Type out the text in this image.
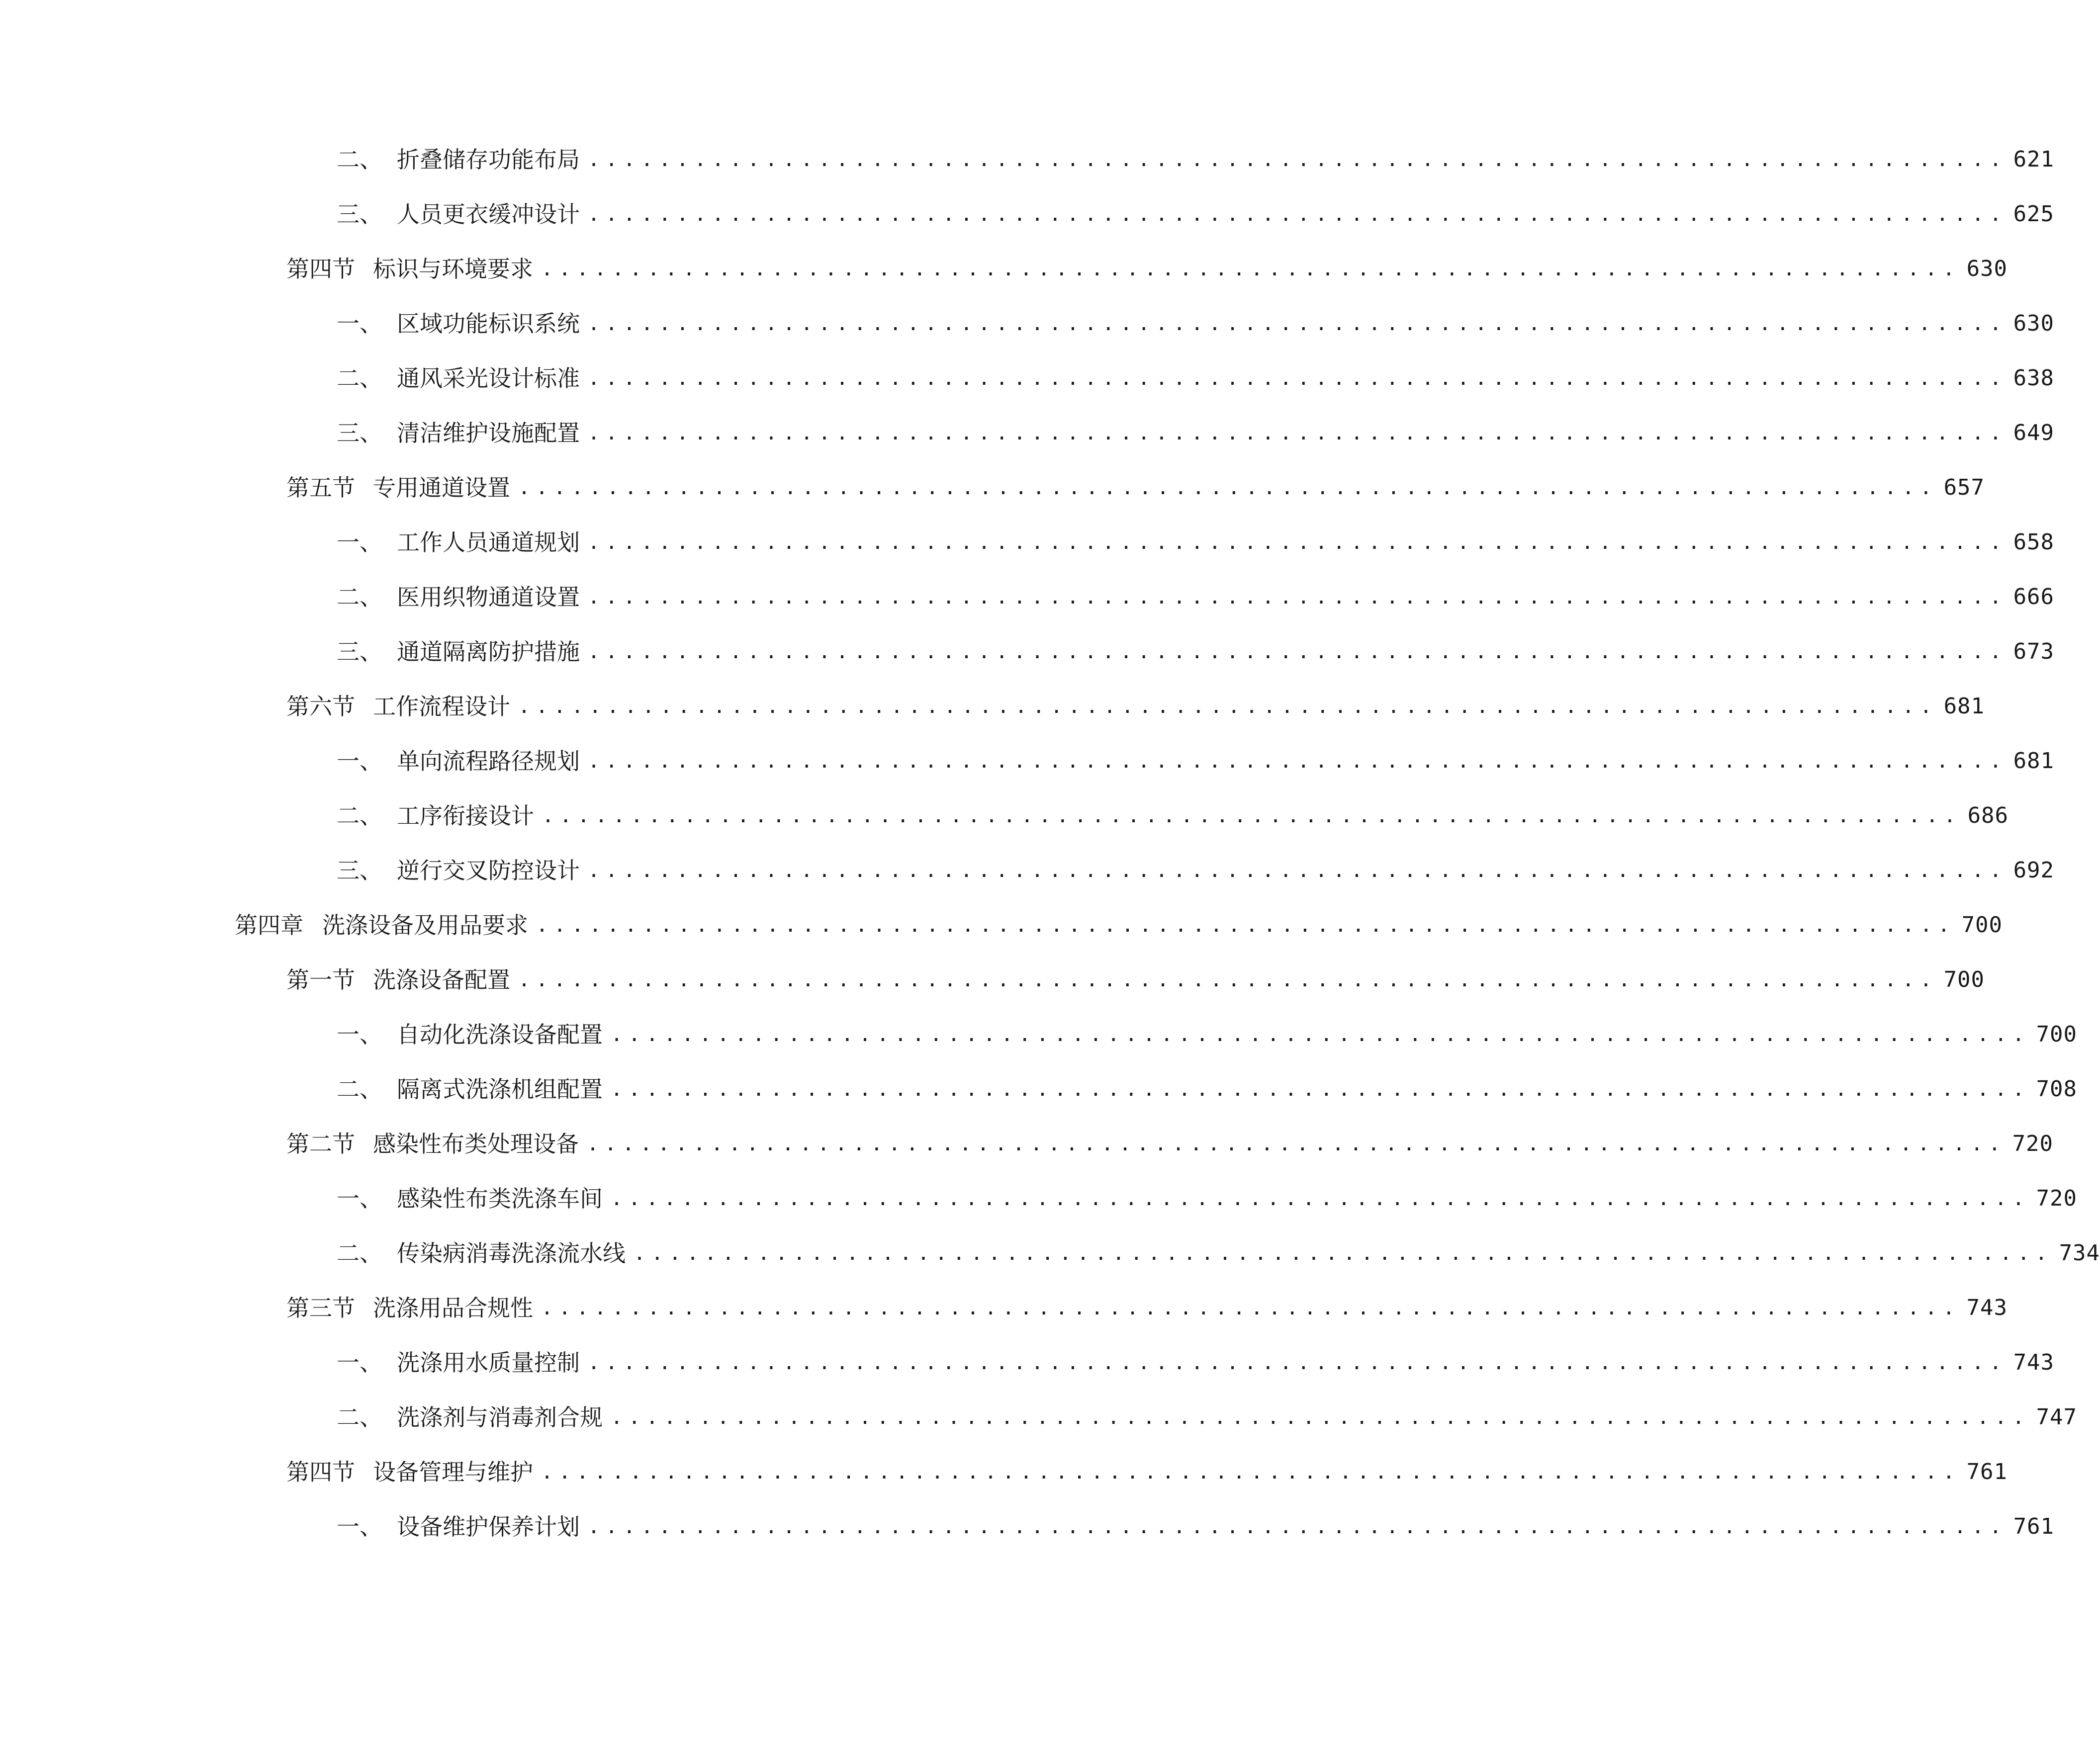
二、 折叠储存功能布局 ................................................................................ 621
三、 人员更衣缓冲设计 ................................................................................ 625
第四节 标识与环境要求 ................................................................................ 630
一、 区域功能标识系统 ................................................................................ 630
二、 通风采光设计标准 ................................................................................ 638
三、 清洁维护设施配置 ................................................................................ 649
第五节 专用通道设置 ................................................................................ 657
一、 工作人员通道规划 ................................................................................ 658
二、 医用织物通道设置 ................................................................................ 666
三、 通道隔离防护措施 ................................................................................ 673
第六节 工作流程设计 ................................................................................ 681
一、 单向流程路径规划 ................................................................................ 681
二、 工序衔接设计 ................................................................................ 686
三、 逆行交叉防控设计 ................................................................................ 692
第四章 洗涤设备及用品要求 ................................................................................ 700
第一节 洗涤设备配置 ................................................................................ 700
一、 自动化洗涤设备配置 ................................................................................ 700
二、 隔离式洗涤机组配置 ................................................................................ 708
第二节 感染性布类处理设备 ................................................................................ 720
一、 感染性布类洗涤车间 ................................................................................ 720
二、 传染病消毒洗涤流水线 ................................................................................ 734
第三节 洗涤用品合规性 ................................................................................ 743
一、 洗涤用水质量控制 ................................................................................ 743
二、 洗涤剂与消毒剂合规 ................................................................................ 747
第四节 设备管理与维护 ................................................................................ 761
一、 设备维护保养计划 ................................................................................ 761
